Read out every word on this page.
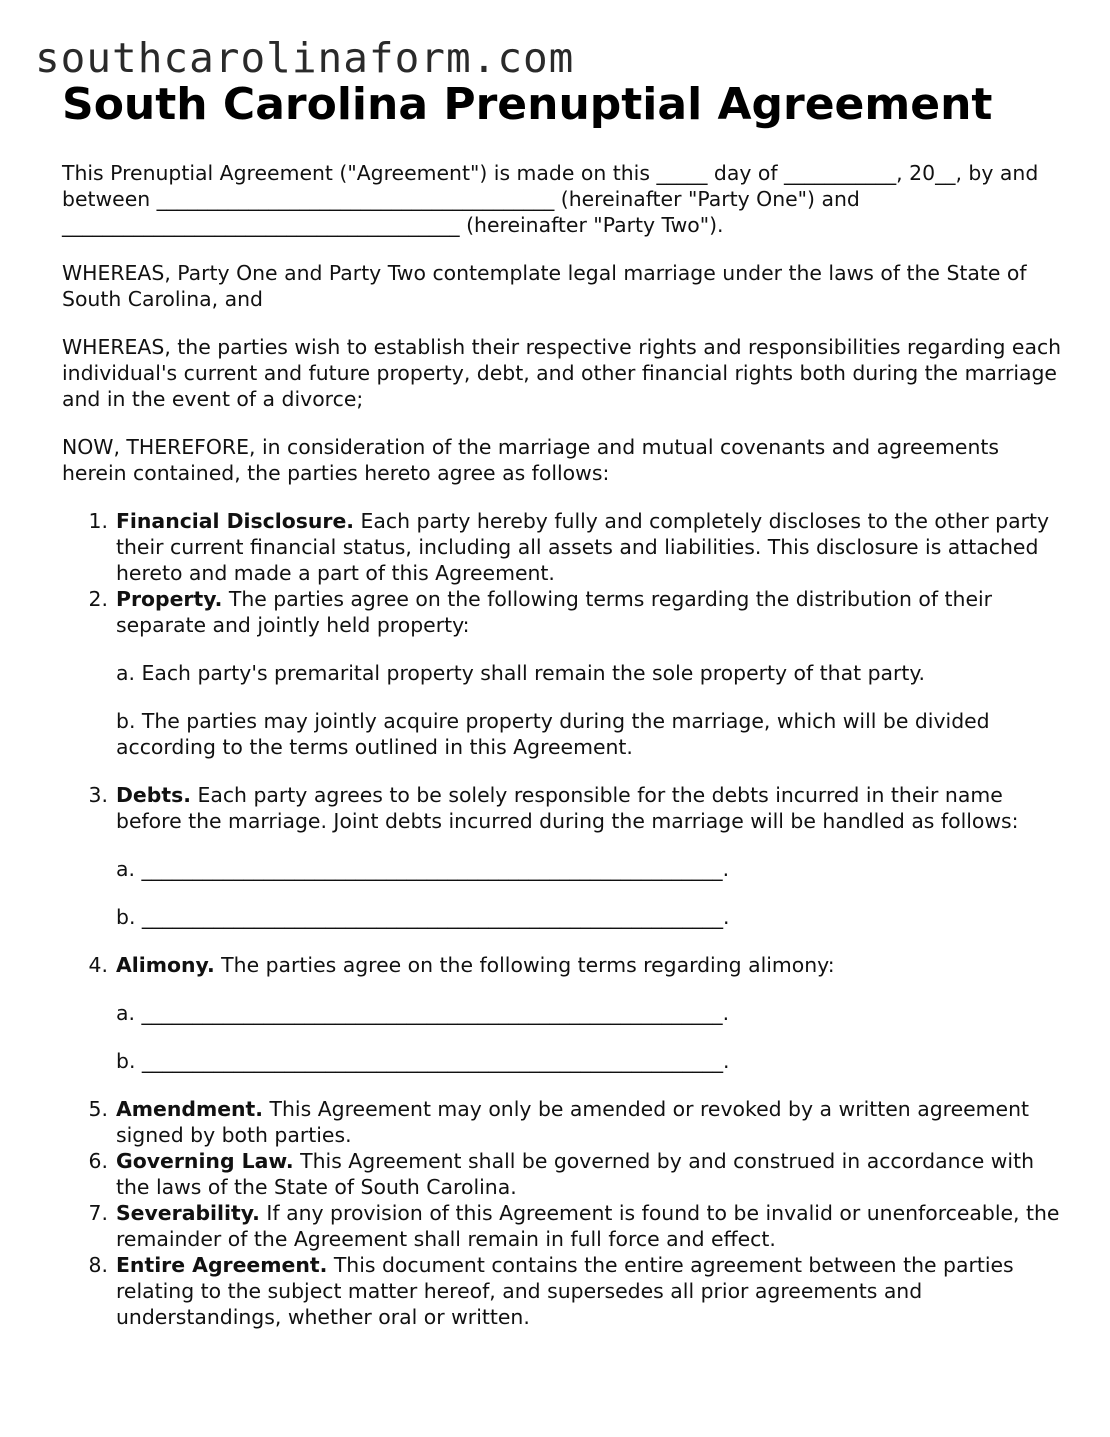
southcarolinaform.com
South Carolina Prenuptial Agreement

This Prenuptial Agreement ("Agreement") is made on this _____ day of ___________, 20__, by and between _______________________________________ (hereinafter "Party One") and _______________________________________ (hereinafter "Party Two").

WHEREAS, Party One and Party Two contemplate legal marriage under the laws of the State of South Carolina, and

WHEREAS, the parties wish to establish their respective rights and responsibilities regarding each individual's current and future property, debt, and other financial rights both during the marriage and in the event of a divorce;

NOW, THEREFORE, in consideration of the marriage and mutual covenants and agreements herein contained, the parties hereto agree as follows:

1. Financial Disclosure. Each party hereby fully and completely discloses to the other party their current financial status, including all assets and liabilities. This disclosure is attached hereto and made a part of this Agreement.
2. Property. The parties agree on the following terms regarding the distribution of their separate and jointly held property:
a. Each party's premarital property shall remain the sole property of that party.
b. The parties may jointly acquire property during the marriage, which will be divided according to the terms outlined in this Agreement.
3. Debts. Each party agrees to be solely responsible for the debts incurred in their name before the marriage. Joint debts incurred during the marriage will be handled as follows:
a. _________________________________________________________.
b. _________________________________________________________.
4. Alimony. The parties agree on the following terms regarding alimony:
a. _________________________________________________________.
b. _________________________________________________________.
5. Amendment. This Agreement may only be amended or revoked by a written agreement signed by both parties.
6. Governing Law. This Agreement shall be governed by and construed in accordance with the laws of the State of South Carolina.
7. Severability. If any provision of this Agreement is found to be invalid or unenforceable, the remainder of the Agreement shall remain in full force and effect.
8. Entire Agreement. This document contains the entire agreement between the parties relating to the subject matter hereof, and supersedes all prior agreements and understandings, whether oral or written.
